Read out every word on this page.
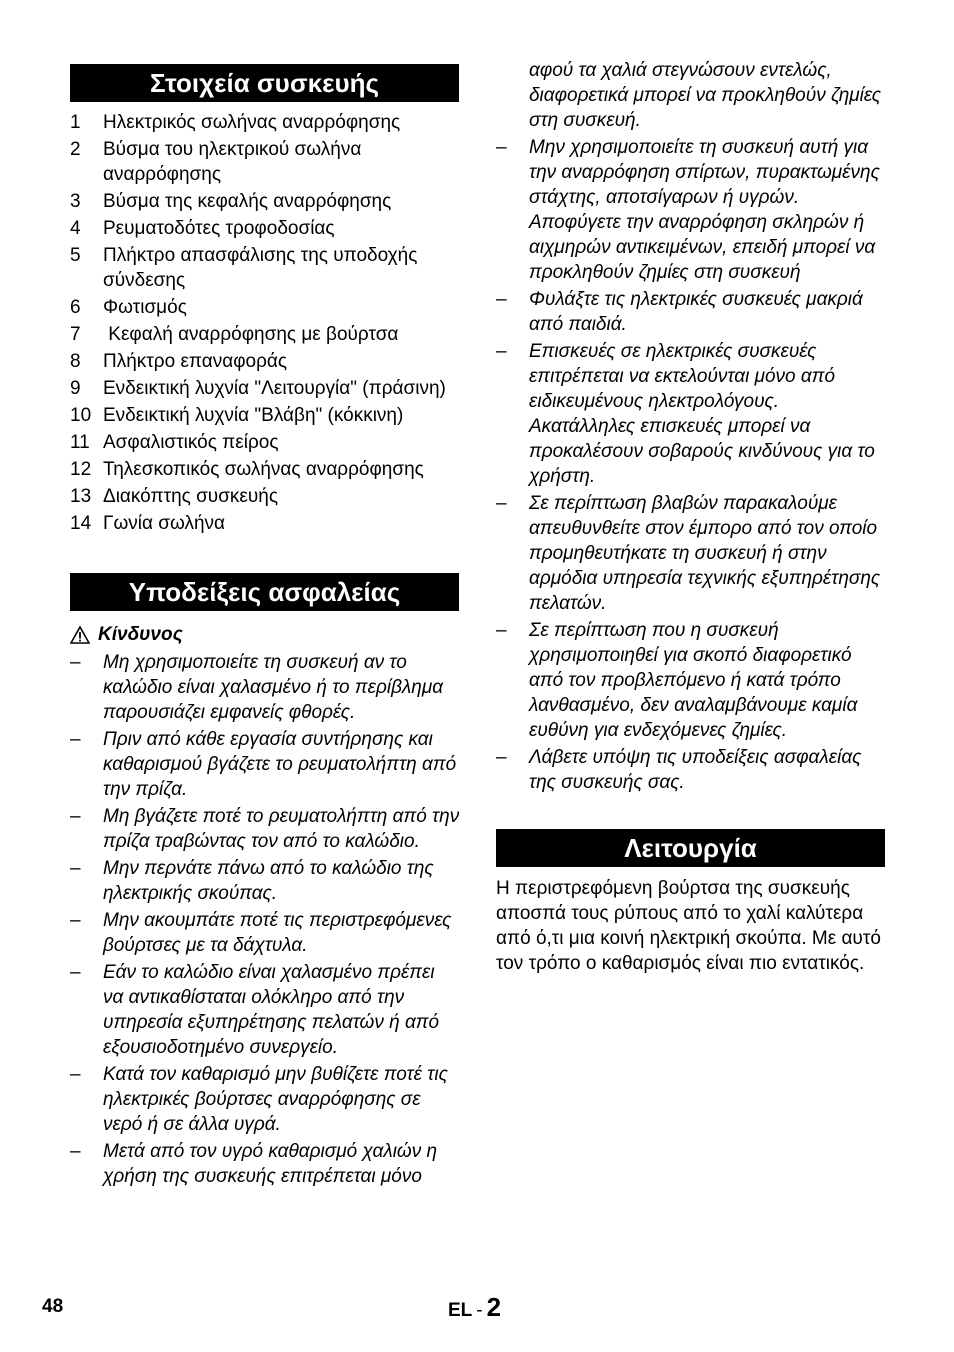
Στοιχεία συσκευής
1	Ηλεκτρικός σωλήνας αναρρόφησης
2	Βύσμα του ηλεκτρικού σωλήνα αναρρόφησης
3	Βύσμα της κεφαλής αναρρόφησης
4	Ρευματοδότες τροφοδοσίας
5	Πλήκτρο απασφάλισης της υποδοχής σύνδεσης
6	Φωτισμός
7	Κεφαλή αναρρόφησης με βούρτσα
8	Πλήκτρο επαναφοράς
9	Ενδεικτική λυχνία "Λειτουργία" (πράσινη)
10 Ενδεικτική λυχνία "Βλάβη" (κόκκινη)
11 Ασφαλιστικός πείρος
12 Τηλεσκοπικός σωλήνας αναρρόφησης
13 Διακόπτης συσκευής
14 Γωνία σωλήνα
Υποδείξεις ασφαλείας
Κίνδυνος
–	Μη χρησιμοποιείτε τη συσκευή αν το καλώδιο είναι χαλασμένο ή το περίβλημα παρουσιάζει εμφανείς φθορές.
–	Πριν από κάθε εργασία συντήρησης και καθαρισμού βγάζετε το ρευματολήπτη από την πρίζα.
–	Μη βγάζετε ποτέ το ρευματολήπτη από την πρίζα τραβώντας τον από το καλώδιο.
–	Μην περνάτε πάνω από το καλώδιο της ηλεκτρικής σκούπας.
–	Μην ακουμπάτε ποτέ τις περιστρεφόμενες βούρτσες με τα δάχτυλα.
–	Εάν το καλώδιο είναι χαλασμένο πρέπει να αντικαθίσταται ολόκληρο από την υπηρεσία εξυπηρέτησης πελατών ή από εξουσιοδοτημένο συνεργείο.
–	Κατά τον καθαρισμό μην βυθίζετε ποτέ τις ηλεκτρικές βούρτσες αναρρόφησης σε νερό ή σε άλλα υγρά.
–	Μετά από τον υγρό καθαρισμό χαλιών η χρήση της συσκευής επιτρέπεται μόνο
αφού τα χαλιά στεγνώσουν εντελώς, διαφορετικά μπορεί να προκληθούν ζημίες στη συσκευή.
–	Μην χρησιμοποιείτε τη συσκευή αυτή για την αναρρόφηση σπίρτων, πυρακτωμένης στάχτης, αποτσίγαρων ή υγρών. Αποφύγετε την αναρρόφηση σκληρών ή αιχμηρών αντικειμένων, επειδή μπορεί να προκληθούν ζημίες στη συσκευή
–	Φυλάξτε τις ηλεκτρικές συσκευές μακριά από παιδιά.
–	Επισκευές σε ηλεκτρικές συσκευές επιτρέπεται να εκτελούνται μόνο από ειδικευμένους ηλεκτρολόγους. Ακατάλληλες επισκευές μπορεί να προκαλέσουν σοβαρούς κινδύνους για το χρήστη.
–	Σε περίπτωση βλαβών παρακαλούμε απευθυνθείτε στον έμπορο από τον οποίο προμηθευτήκατε τη συσκευή ή στην αρμόδια υπηρεσία τεχνικής εξυπηρέτησης πελατών.
–	Σε περίπτωση που η συσκευή χρησιμοποιηθεί για σκοπό διαφορετικό από τον προβλεπόμενο ή κατά τρόπο λανθασμένο, δεν αναλαμβάνουμε καμία ευθύνη για ενδεχόμενες ζημίες.
–	Λάβετε υπόψη τις υποδείξεις ασφαλείας της συσκευής σας.
Λειτουργία
Η περιστρεφόμενη βούρτσα της συσκευής αποσπά τους ρύπους από το χαλί καλύτερα από ό,τι μια κοινή ηλεκτρική σκούπα. Με αυτό τον τρόπο ο καθαρισμός είναι πιο εντατικός.
48	EL - 2
